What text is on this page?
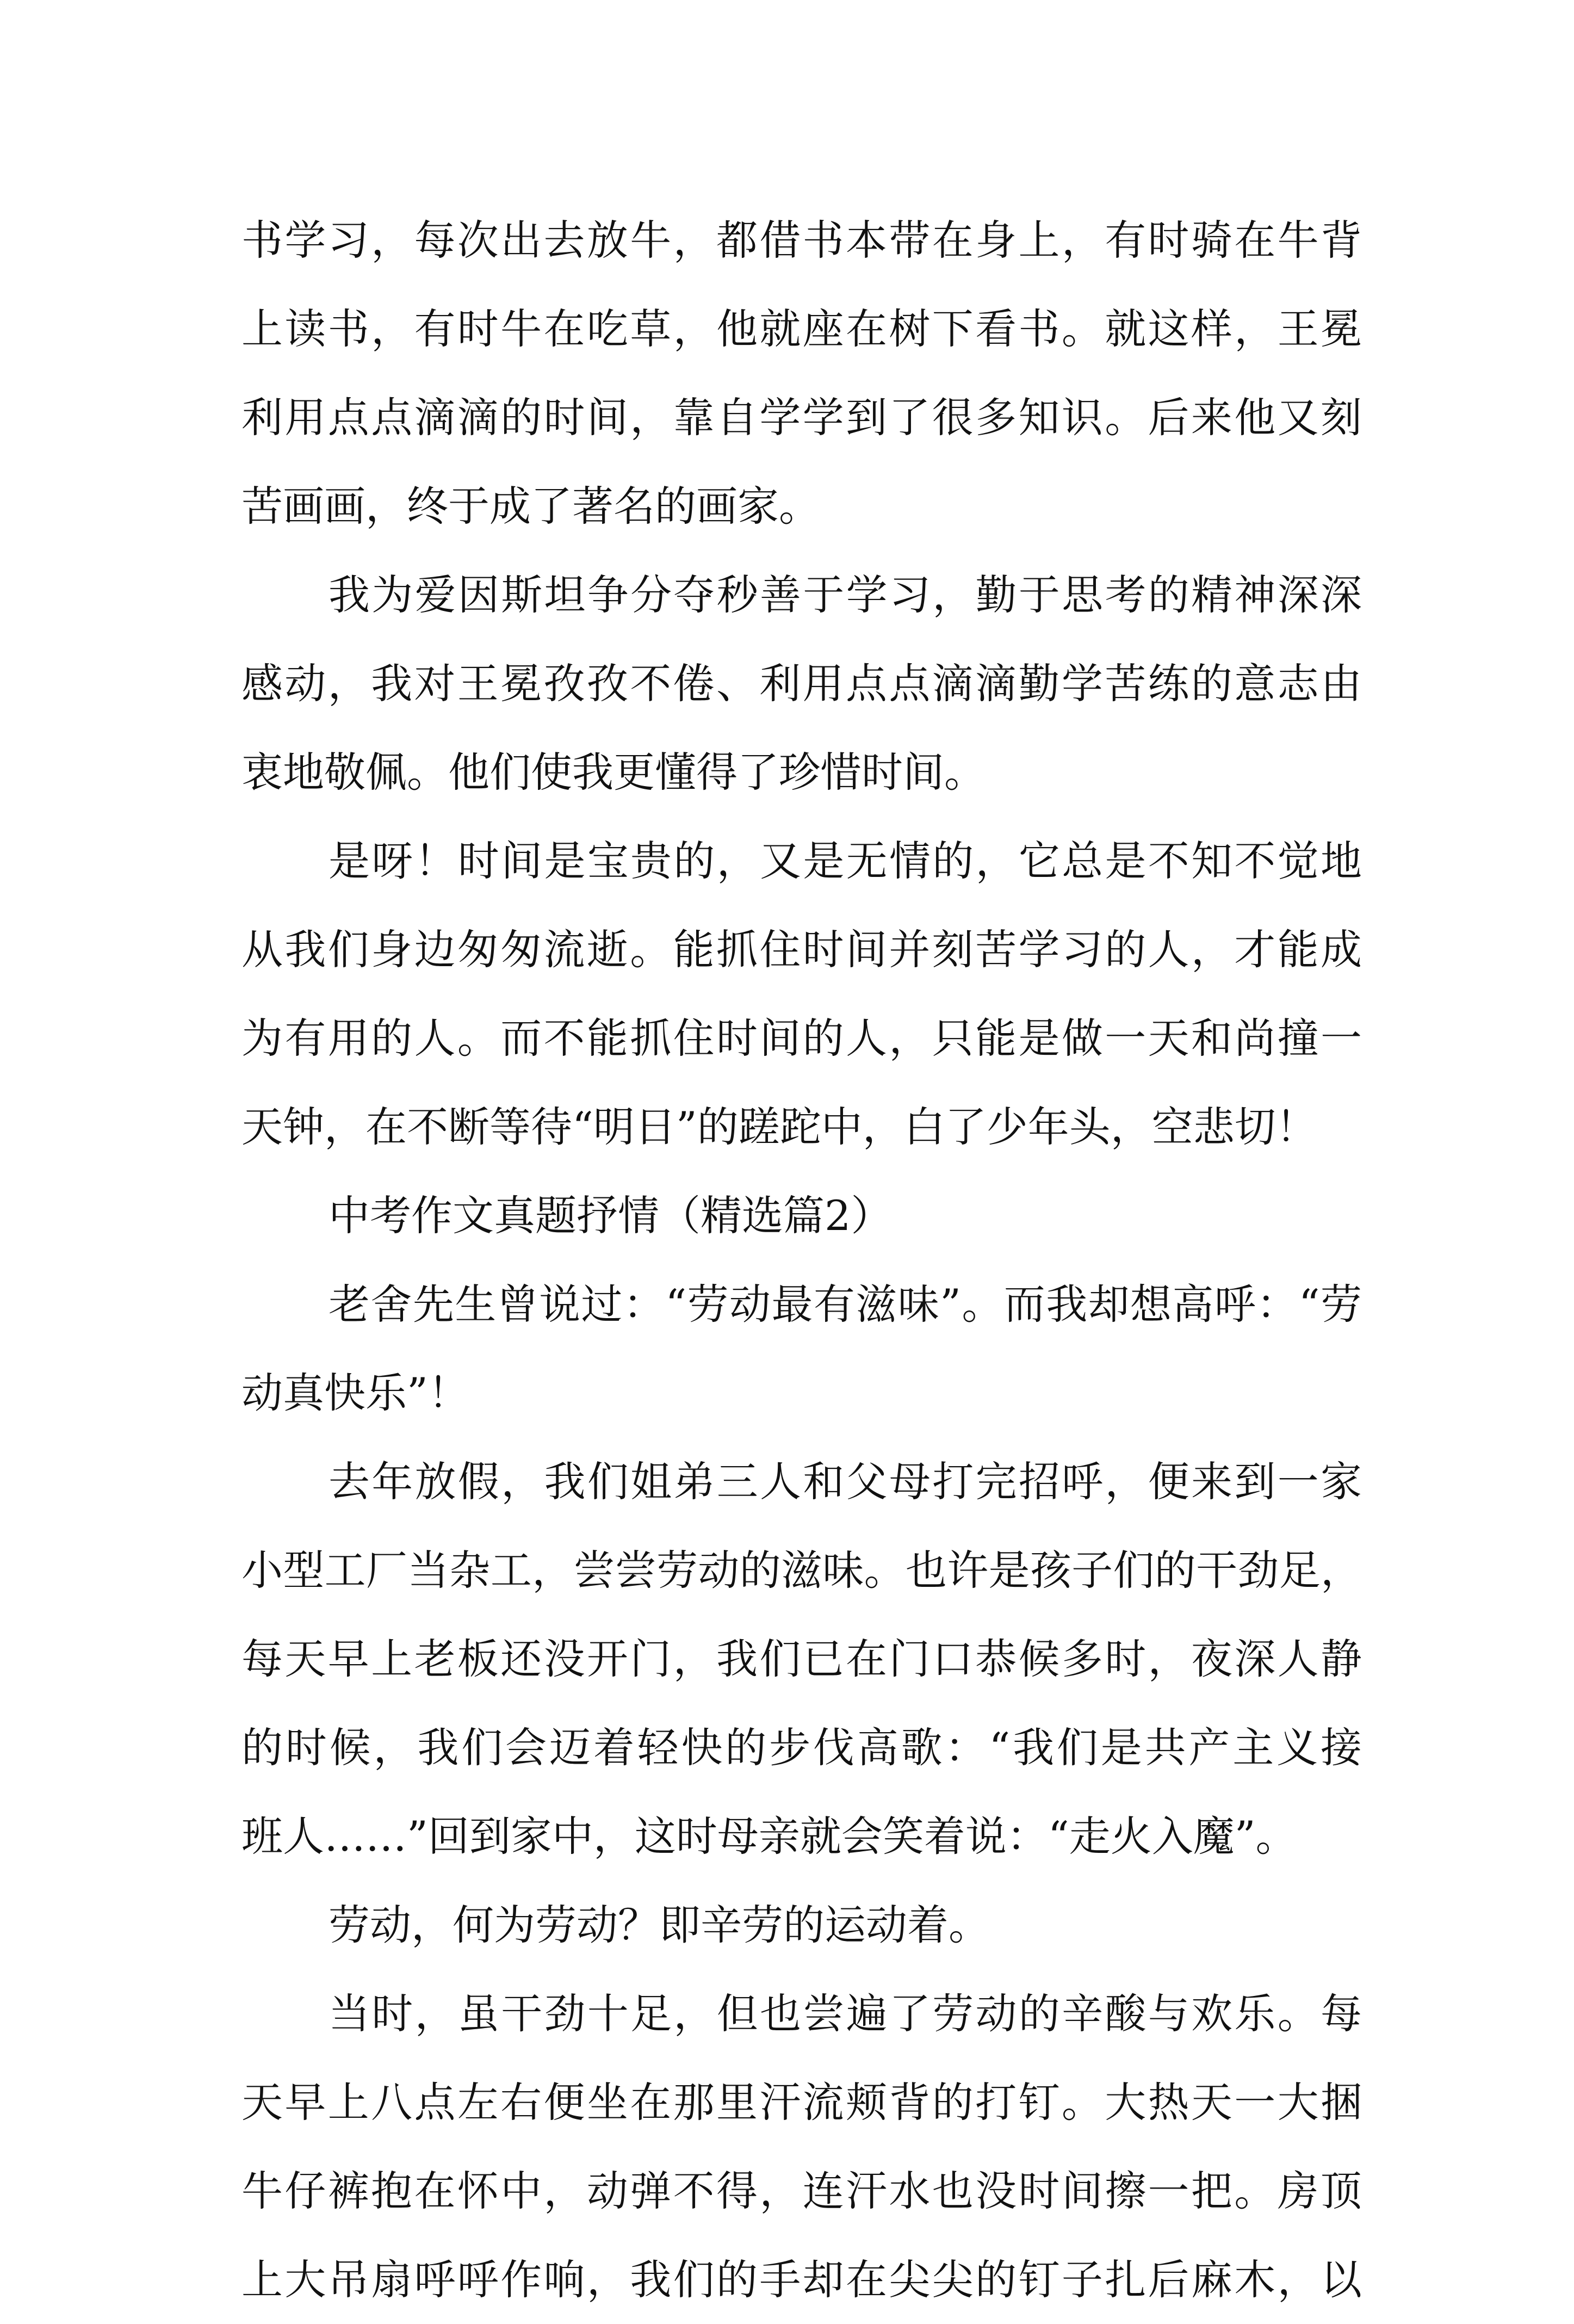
书学习，每次出去放牛，都借书本带在身上，有时骑在牛背
上读书，有时牛在吃草，他就座在树下看书。就这样，王冕
利用点点滴滴的时间，靠自学学到了很多知识。后来他又刻
苦画画，终于成了著名的画家。
我为爱因斯坦争分夺秒善于学习，勤于思考的精神深深
感动，我对王冕孜孜不倦、利用点点滴滴勤学苦练的意志由
衷地敬佩。他们使我更懂得了珍惜时间。
是呀！时间是宝贵的，又是无情的，它总是不知不觉地
从我们身边匆匆流逝。能抓住时间并刻苦学习的人，才能成
为有用的人。而不能抓住时间的人，只能是做一天和尚撞一
天钟，在不断等待“明日”的蹉跎中，白了少年头，空悲切！
中考作文真题抒情（精选篇2）
老舍先生曾说过：“劳动最有滋味”。而我却想高呼：“劳
动真快乐”！
去年放假，我们姐弟三人和父母打完招呼，便来到一家
小型工厂当杂工，尝尝劳动的滋味。也许是孩子们的干劲足，
每天早上老板还没开门，我们已在门口恭候多时，夜深人静
的时候，我们会迈着轻快的步伐高歌：“我们是共产主义接
班人……”回到家中，这时母亲就会笑着说：“走火入魔”。
劳动，何为劳动？即辛劳的运动着。
当时，虽干劲十足，但也尝遍了劳动的辛酸与欢乐。每
天早上八点左右便坐在那里汗流颊背的打钉。大热天一大捆
牛仔裤抱在怀中，动弹不得，连汗水也没时间擦一把。房顶
上大吊扇呼呼作响，我们的手却在尖尖的钉子扎后麻木，以
